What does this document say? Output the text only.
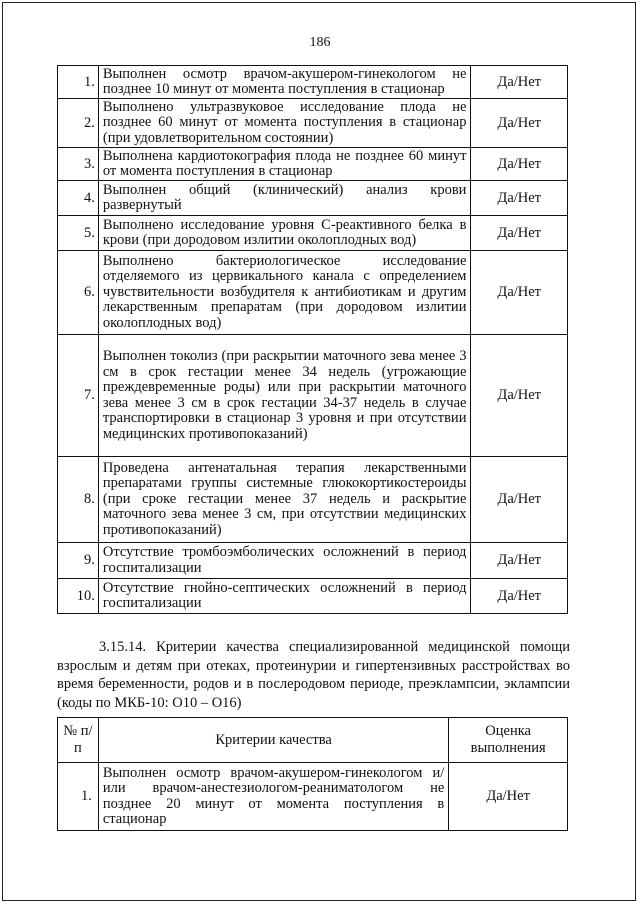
186
1.	Выполнен осмотр врачом-акушером-гинекологом не позднее 10 минут от момента поступления в стационар	Да/Нет
2.	Выполнено ультразвуковое исследование плода не позднее 60 минут от момента поступления в стационар (при удовлетворительном состоянии)	Да/Нет
3.	Выполнена кардиотокография плода не позднее 60 минут от момента поступления в стационар	Да/Нет
4.	Выполнен общий (клинический) анализ крови развернутый	Да/Нет
5.	Выполнено исследование уровня С-реактивного белка в крови (при дородовом излитии околоплодных вод)	Да/Нет
6.	Выполнено бактериологическое исследование отделяемого из цервикального канала с определением чувствительности возбудителя к антибиотикам и другим лекарственным препаратам (при дородовом излитии околоплодных вод)	Да/Нет
7.	Выполнен токолиз (при раскрытии маточного зева менее 3 см в срок гестации менее 34 недель (угрожающие преждевременные роды) или при раскрытии маточного зева менее 3 см в срок гестации 34-37 недель в случае транспортировки в стационар 3 уровня и при отсутствии медицинских противопоказаний)	Да/Нет
8.	Проведена антенатальная терапия лекарственными препаратами группы системные глюкокортикостероиды (при сроке гестации менее 37 недель и раскрытие маточного зева менее 3 см, при отсутствии медицинских противопоказаний)	Да/Нет
9.	Отсутствие тромбоэмболических осложнений в период госпитализации	Да/Нет
10.	Отсутствие гнойно-септических осложнений в период госпитализации	Да/Нет

3.15.14. Критерии качества специализированной медицинской помощи взрослым и детям при отеках, протеинурии и гипертензивных расстройствах во время беременности, родов и в послеродовом периоде, преэклампсии, эклампсии (коды по МКБ-10: O10 – O16)

№ п/п	Критерии качества	Оценка выполнения
1.	Выполнен осмотр врачом-акушером-гинекологом и/или врачом-анестезиологом-реаниматологом не позднее 20 минут от момента поступления в стационар	Да/Нет
